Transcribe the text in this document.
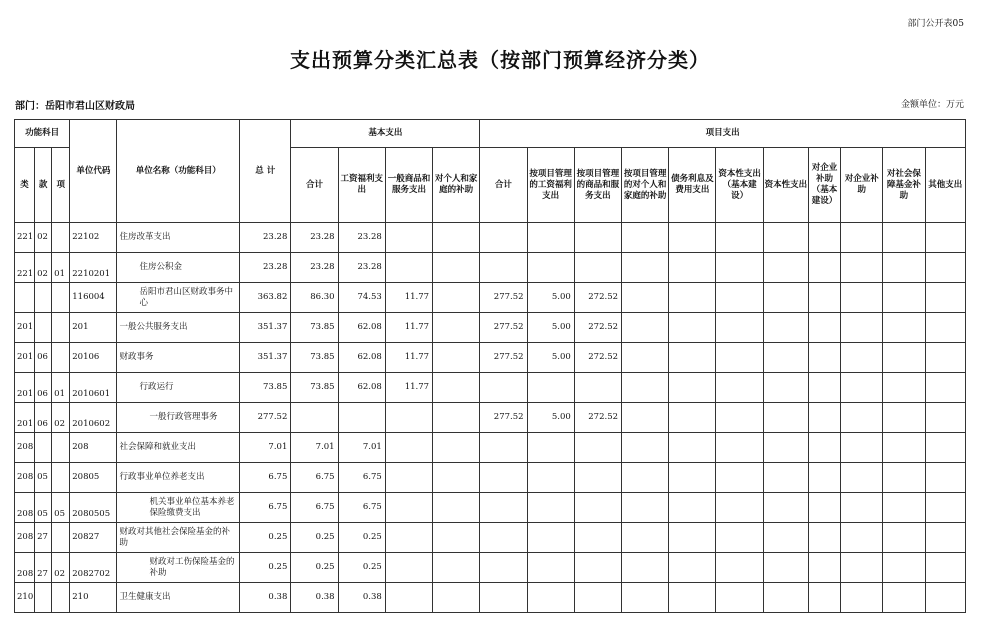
部门公开表05
支出预算分类汇总表（按部门预算经济分类）
部门：岳阳市君山区财政局	金额单位：万元
功能科目			单位代码	单位名称（功能科目）	总 计	基本支出				项目支出										
类	款	项				合计	工资福利支出	一般商品和服务支出	对个人和家庭的补助	合计	按项目管理的工资福利支出	按项目管理的商品和服务支出	按项目管理的对个人和家庭的补助	债务利息及费用支出	资本性支出（基本建设）	资本性支出	对企业补助（基本建设）	对企业补助	对社会保障基金补助	其他支出
221	02		22102	住房改革支出	23.28	23.28	23.28													
221	02	01	2210201	住房公积金	23.28	23.28	23.28													
			116004	岳阳市君山区财政事务中心	363.82	86.30	74.53	11.77		277.52	5.00	272.52								
201			201	一般公共服务支出	351.37	73.85	62.08	11.77		277.52	5.00	272.52								
201	06		20106	财政事务	351.37	73.85	62.08	11.77		277.52	5.00	272.52								
201	06	01	2010601	行政运行	73.85	73.85	62.08	11.77												
201	06	02	2010602	一般行政管理事务	277.52					277.52	5.00	272.52								
208			208	社会保障和就业支出	7.01	7.01	7.01													
208	05		20805	行政事业单位养老支出	6.75	6.75	6.75													
208	05	05	2080505	机关事业单位基本养老保险缴费支出	6.75	6.75	6.75													
208	27		20827	财政对其他社会保险基金的补助	0.25	0.25	0.25													
208	27	02	2082702	财政对工伤保险基金的补助	0.25	0.25	0.25													
210			210	卫生健康支出	0.38	0.38	0.38													
